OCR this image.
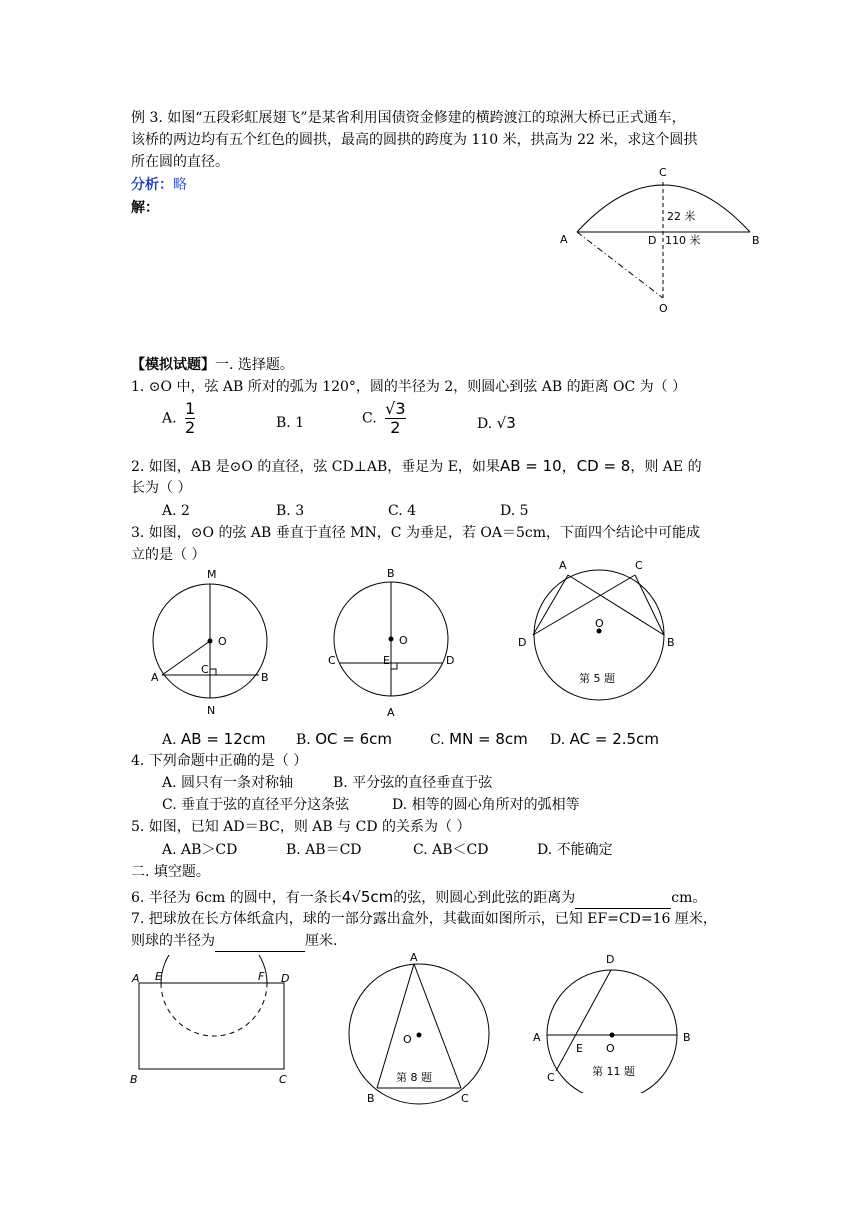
例 3. 如图“五段彩虹展翅飞”是某省利用国债资金修建的横跨渡江的琼洲大桥已正式通车，
该桥的两边均有五个红色的圆拱，最高的圆拱的跨度为 110 米，拱高为 22 米，求这个圆拱
所在圆的直径。
分析：略
解：
C
A	D	B
O
22 米
110 米
【模拟试题】一. 选择题。
1. ⊙O 中，弦 AB 所对的弧为 120°，圆的半径为 2，则圆心到弦 AB 的距离 OC 为（ ）
A. $\frac{1}{2}$	B. 1	C. $\frac{√3}{2}$	D. √3
2. 如图，AB 是⊙O 的直径，弦 CD⊥AB，垂足为 E，如果AB = 10，CD = 8，则 AE 的
长为（ ）
A. 2	B. 3	C. 4	D. 5
3. 如图，⊙O 的弦 AB 垂直于直径 MN，C 为垂足，若 OA＝5cm，下面四个结论中可能成
立的是（ ）
M
O
C
A	B
N
B
O
C	E	D
A
A	C
O
D	B
第 5 题
A. AB = 12cm B. OC = 6cm	C. MN = 8cm D. AC = 2.5cm
4. 下列命题中正确的是（ ）
A. 圆只有一条对称轴	B. 平分弦的直径垂直于弦
C. 垂直于弦的直径平分这条弦	D. 相等的圆心角所对的弧相等
5. 如图，已知 AD＝BC，则 AB 与 CD 的关系为（ ）
A. AB＞CD	B. AB＝CD	C. AB＜CD	D. 不能确定
二. 填空题。
6. 半径为 6cm 的圆中，有一条长4√5cm的弦，则圆心到此弦的距离为	cm。
7. 把球放在长方体纸盒内，球的一部分露出盒外，其截面如图所示，已知 EF=CD=16 厘米，
则球的半径为	厘米.
A E	F D
B	C
A
O
B	C
第 8 题
D
A
E O
B
C	第 11 题
